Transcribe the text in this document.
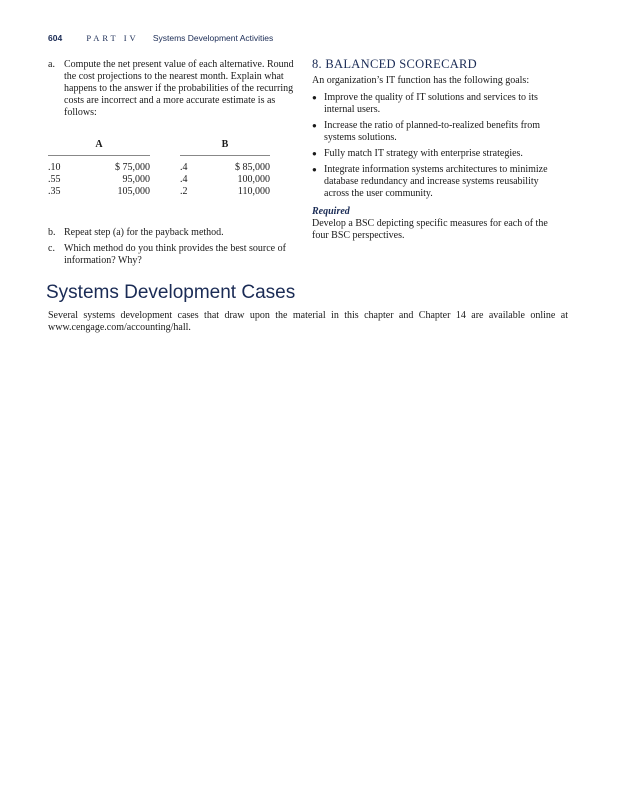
604	PART IV Systems Development Activities
a. Compute the net present value of each alternative. Round the cost projections to the nearest month. Explain what happens to the answer if the probabilities of the recurring costs are incorrect and a more accurate estimate is as follows:
A			B		

.10	$ 75,000		.4	$ 85,000	
.55	95,000		.4	100,000	
.35	105,000		.2	110,000	
b. Repeat step (a) for the payback method.
c. Which method do you think provides the best source of information? Why?
8. BALANCED SCORECARD

An organization’s IT function has the following goals:

● Improve the quality of IT solutions and services to its internal users.
● Increase the ratio of planned-to-realized benefits from systems solutions.
● Fully match IT strategy with enterprise strategies.
● Integrate information systems architectures to minimize database redundancy and increase systems reusability across the user community.

Required

Develop a BSC depicting specific measures for each of the four BSC perspectives.

Systems Development Cases

Several systems development cases that draw upon the material in this chapter and Chapter 14 are available online at www.cengage.com/accounting/hall.
